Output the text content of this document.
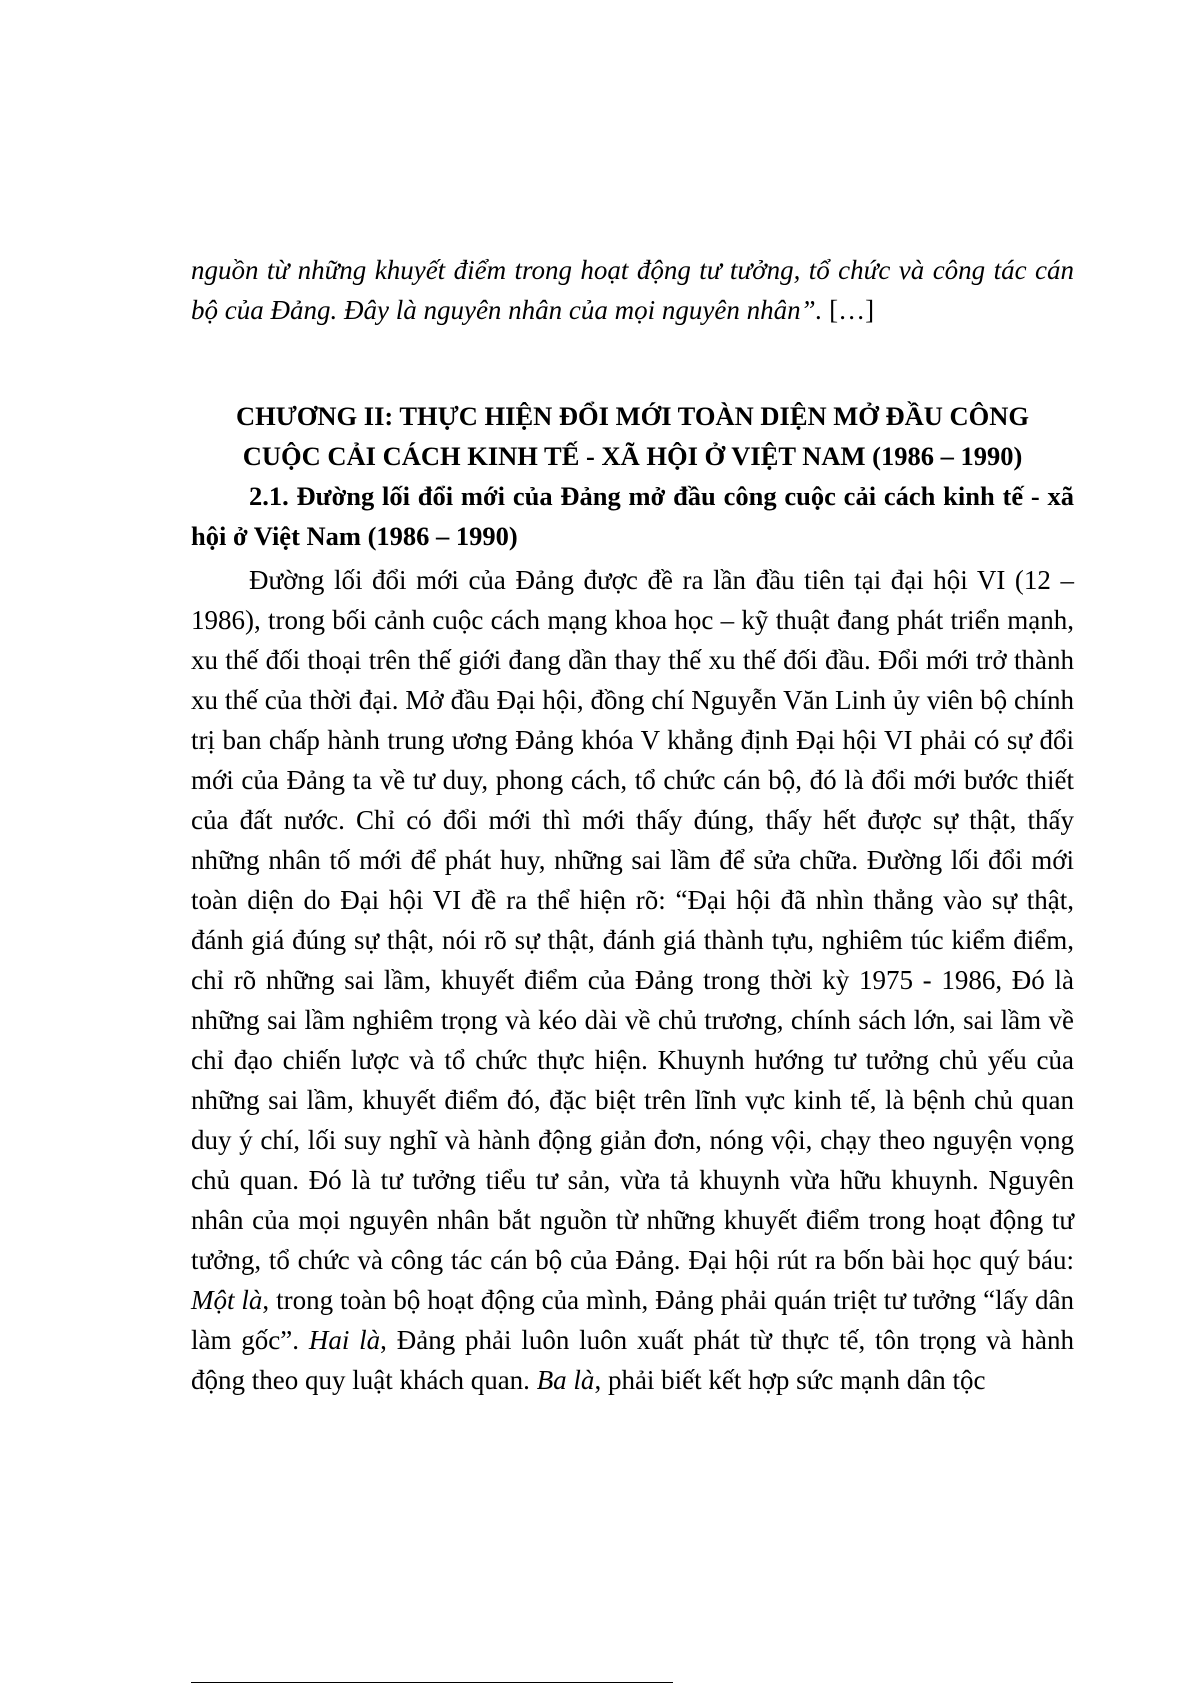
nguồn từ những khuyết điểm trong hoạt động tư tưởng, tổ chức và công tác cán bộ của Đảng. Đây là nguyên nhân của mọi nguyên nhân”. […]

CHƯƠNG II: THỰC HIỆN ĐỔI MỚI TOÀN DIỆN MỞ ĐẦU CÔNG
CUỘC CẢI CÁCH KINH TẾ - XÃ HỘI Ở VIỆT NAM (1986 – 1990)
2.1. Đường lối đổi mới của Đảng mở đầu công cuộc cải cách kinh tế - xã hội ở Việt Nam (1986 – 1990)

Đường lối đổi mới của Đảng được đề ra lần đầu tiên tại đại hội VI (12 – 1986), trong bối cảnh cuộc cách mạng khoa học – kỹ thuật đang phát triển mạnh, xu thế đối thoại trên thế giới đang dần thay thế xu thế đối đầu. Đổi mới trở thành xu thế của thời đại. Mở đầu Đại hội, đồng chí Nguyễn Văn Linh ủy viên bộ chính trị ban chấp hành trung ương Đảng khóa V khẳng định Đại hội VI phải có sự đổi mới của Đảng ta về tư duy, phong cách, tổ chức cán bộ, đó là đổi mới bước thiết của đất nước. Chỉ có đổi mới thì mới thấy đúng, thấy hết được sự thật, thấy những nhân tố mới để phát huy, những sai lầm để sửa chữa. Đường lối đổi mới toàn diện do Đại hội VI đề ra thể hiện rõ: “Đại hội đã nhìn thẳng vào sự thật, đánh giá đúng sự thật, nói rõ sự thật, đánh giá thành tựu, nghiêm túc kiểm điểm, chỉ rõ những sai lầm, khuyết điểm của Đảng trong thời kỳ 1975 - 1986, Đó là những sai lầm nghiêm trọng và kéo dài về chủ trương, chính sách lớn, sai lầm về chỉ đạo chiến lược và tổ chức thực hiện. Khuynh hướng tư tưởng chủ yếu của những sai lầm, khuyết điểm đó, đặc biệt trên lĩnh vực kinh tế, là bệnh chủ quan duy ý chí, lối suy nghĩ và hành động giản đơn, nóng vội, chạy theo nguyện vọng chủ quan. Đó là tư tưởng tiểu tư sản, vừa tả khuynh vừa hữu khuynh. Nguyên nhân của mọi nguyên nhân bắt nguồn từ những khuyết điểm trong hoạt động tư tưởng, tổ chức và công tác cán bộ của Đảng. Đại hội rút ra bốn bài học quý báu: Một là, trong toàn bộ hoạt động của mình, Đảng phải quán triệt tư tưởng “lấy dân làm gốc”. Hai là, Đảng phải luôn luôn xuất phát từ thực tế, tôn trọng và hành động theo quy luật khách quan. Ba là, phải biết kết hợp sức mạnh dân tộc
